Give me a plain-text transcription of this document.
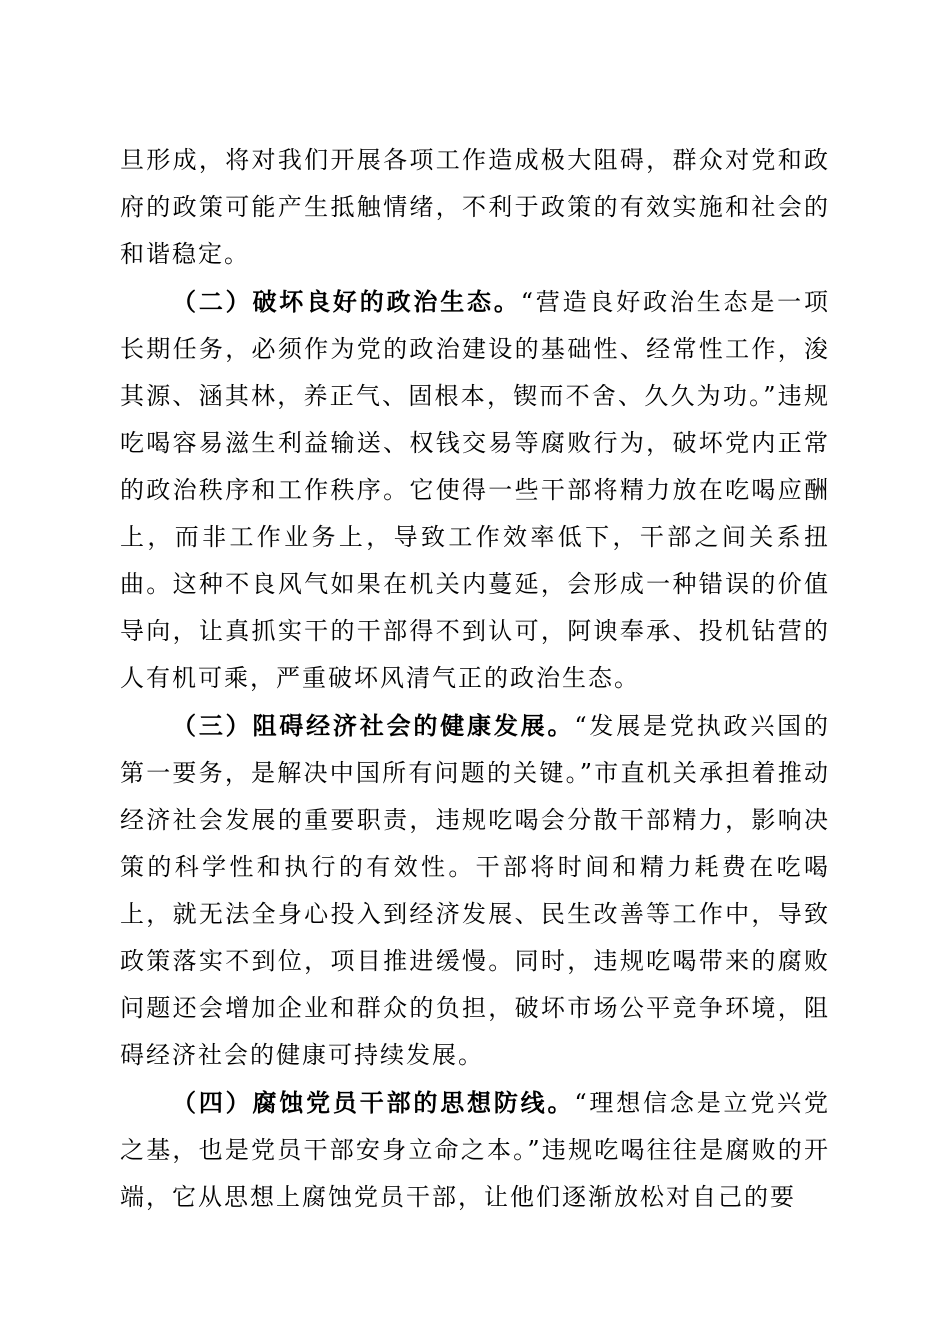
旦形成，将对我们开展各项工作造成极大阻碍，群众对党和政府的政策可能产生抵触情绪，不利于政策的有效实施和社会的和谐稳定。

（二）破坏良好的政治生态。“营造良好政治生态是一项长期任务，必须作为党的政治建设的基础性、经常性工作，浚其源、涵其林，养正气、固根本，锲而不舍、久久为功。”违规吃喝容易滋生利益输送、权钱交易等腐败行为，破坏党内正常的政治秩序和工作秩序。它使得一些干部将精力放在吃喝应酬上，而非工作业务上，导致工作效率低下，干部之间关系扭曲。这种不良风气如果在机关内蔓延，会形成一种错误的价值导向，让真抓实干的干部得不到认可，阿谀奉承、投机钻营的人有机可乘，严重破坏风清气正的政治生态。

（三）阻碍经济社会的健康发展。“发展是党执政兴国的第一要务，是解决中国所有问题的关键。”市直机关承担着推动经济社会发展的重要职责，违规吃喝会分散干部精力，影响决策的科学性和执行的有效性。干部将时间和精力耗费在吃喝上，就无法全身心投入到经济发展、民生改善等工作中，导致政策落实不到位，项目推进缓慢。同时，违规吃喝带来的腐败问题还会增加企业和群众的负担，破坏市场公平竞争环境，阻碍经济社会的健康可持续发展。

（四）腐蚀党员干部的思想防线。“理想信念是立党兴党之基，也是党员干部安身立命之本。”违规吃喝往往是腐败的开端，它从思想上腐蚀党员干部，让他们逐渐放松对自己的要
